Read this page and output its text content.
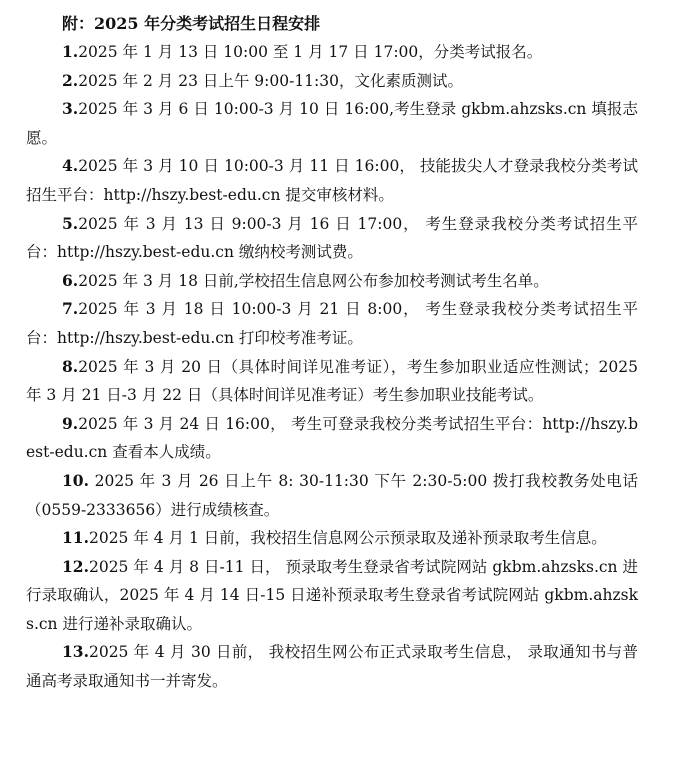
附：2025 年分类考试招生日程安排

1.2025 年 1 月 13 日 10:00 至 1 月 17 日 17:00，分类考试报名。

2.2025 年 2 月 23 日上午 9:00-11:30，文化素质测试。

3.2025 年 3 月 6 日 10:00-3 月 10 日 16:00,考生登录 gkbm.ahzsks.cn 填报志愿。

4.2025 年 3 月 10 日 10:00-3 月 11 日 16:00， 技能拔尖人才登录我校分类考试招生平台：http://hszy.best-edu.cn 提交审核材料。

5.2025 年 3 月 13 日 9:00-3 月 16 日 17:00， 考生登录我校分类考试招生平台：http://hszy.best-edu.cn 缴纳校考测试费。

6.2025 年 3 月 18 日前,学校招生信息网公布参加校考测试考生名单。

7.2025 年 3 月 18 日 10:00-3 月 21 日 8:00， 考生登录我校分类考试招生平台：http://hszy.best-edu.cn 打印校考准考证。

8.2025 年 3 月 20 日（具体时间详见准考证），考生参加职业适应性测试；2025 年 3 月 21 日-3 月 22 日（具体时间详见准考证）考生参加职业技能考试。

9.2025 年 3 月 24 日 16:00， 考生可登录我校分类考试招生平台：http://hszy.best-edu.cn 查看本人成绩。

10. 2025 年 3 月 26 日上午 8: 30-11:30 下午 2:30-5:00 拨打我校教务处电话（0559-2333656）进行成绩核查。

11.2025 年 4 月 1 日前，我校招生信息网公示预录取及递补预录取考生信息。

12.2025 年 4 月 8 日-11 日， 预录取考生登录省考试院网站 gkbm.ahzsks.cn 进行录取确认，2025 年 4 月 14 日-15 日递补预录取考生登录省考试院网站 gkbm.ahzsks.cn 进行递补录取确认。

13.2025 年 4 月 30 日前， 我校招生网公布正式录取考生信息， 录取通知书与普通高考录取通知书一并寄发。
